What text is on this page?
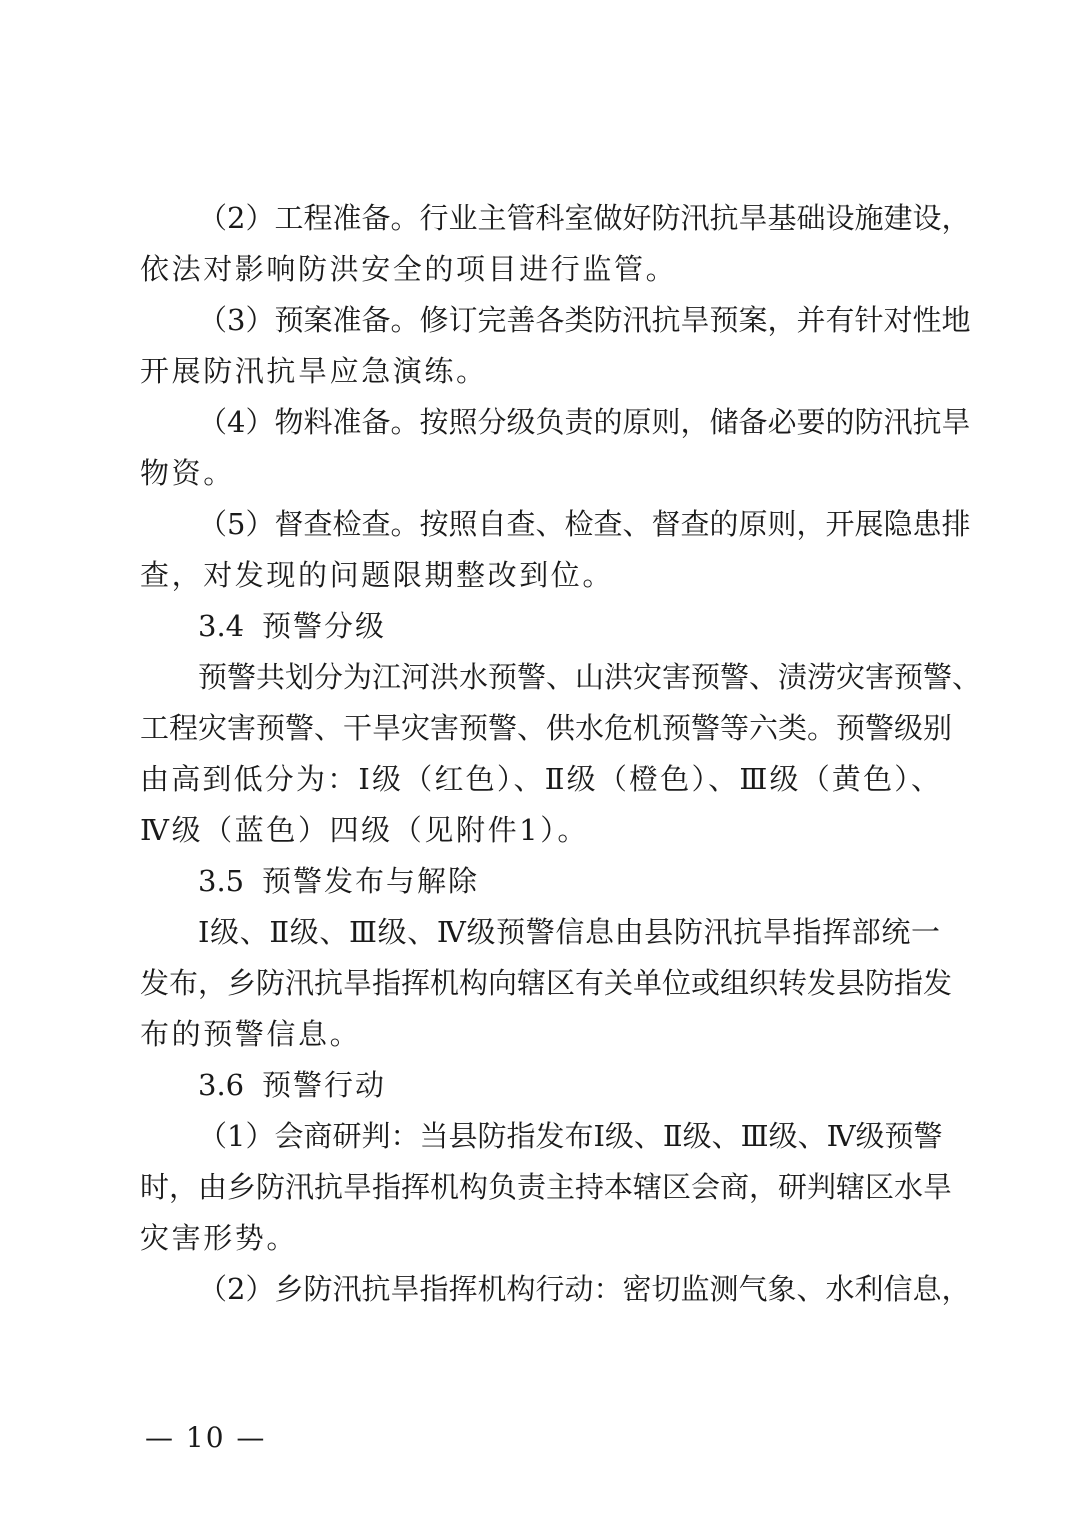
（2）工程准备。行业主管科室做好防汛抗旱基础设施建设，
依法对影响防洪安全的项目进行监管。
（3）预案准备。修订完善各类防汛抗旱预案，并有针对性地
开展防汛抗旱应急演练。
（4）物料准备。按照分级负责的原则，储备必要的防汛抗旱
物资。
（5）督查检查。按照自查、检查、督查的原则，开展隐患排
查，对发现的问题限期整改到位。
3.4 预警分级
预警共划分为江河洪水预警、山洪灾害预警、渍涝灾害预警、
工程灾害预警、干旱灾害预警、供水危机预警等六类。预警级别
由高到低分为：Ⅰ级（红色）、Ⅱ级（橙色）、Ⅲ级（黄色）、
Ⅳ级（蓝色）四级（见附件1）。
3.5 预警发布与解除
Ⅰ级、Ⅱ级、Ⅲ级、Ⅳ级预警信息由县防汛抗旱指挥部统一
发布，乡防汛抗旱指挥机构向辖区有关单位或组织转发县防指发
布的预警信息。
3.6 预警行动
（1）会商研判：当县防指发布Ⅰ级、Ⅱ级、Ⅲ级、Ⅳ级预警
时，由乡防汛抗旱指挥机构负责主持本辖区会商，研判辖区水旱
灾害形势。
（2）乡防汛抗旱指挥机构行动：密切监测气象、水利信息，
— 10 —
